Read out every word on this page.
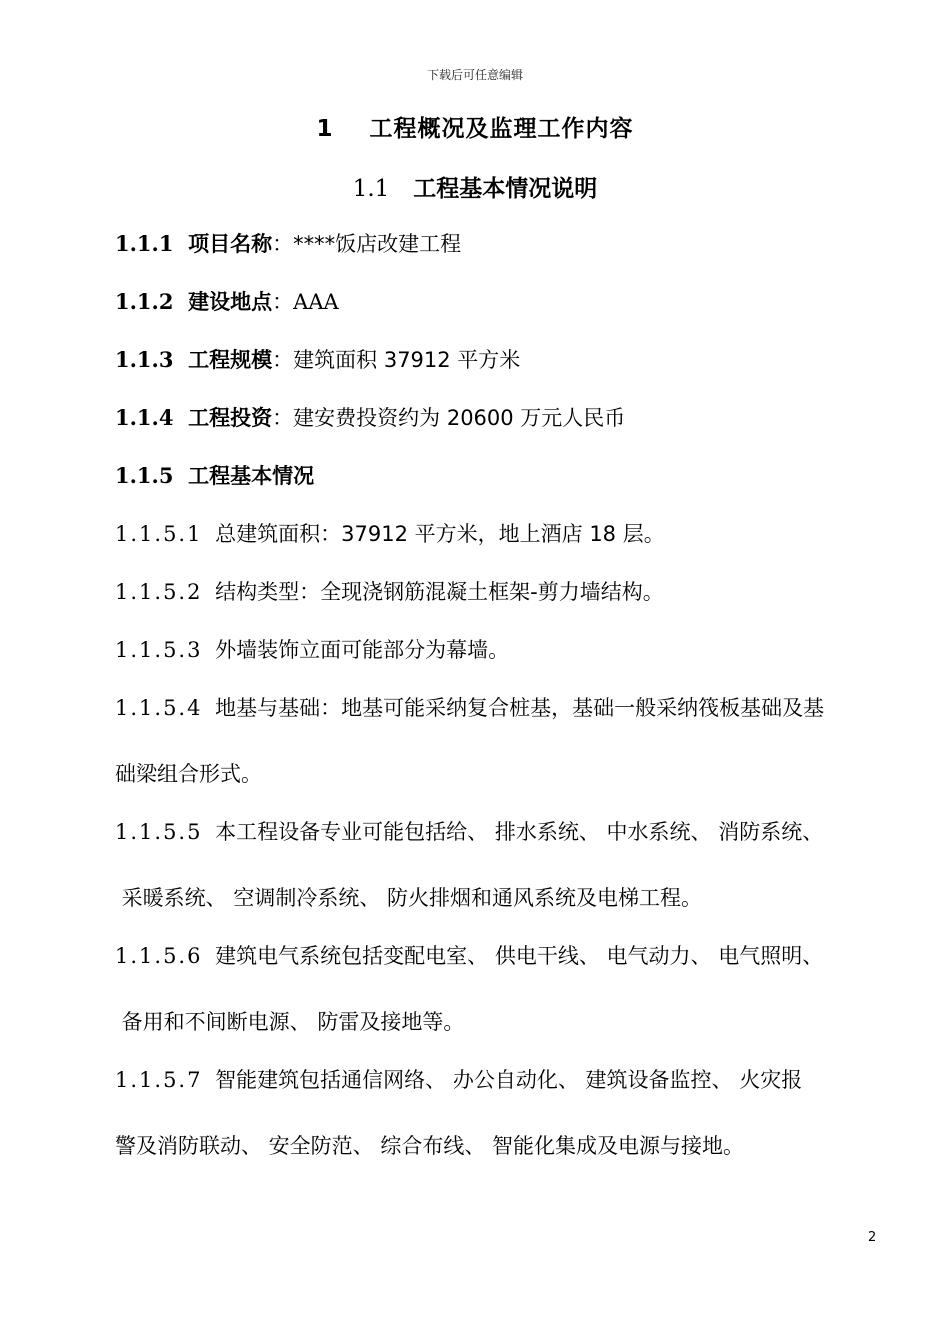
下载后可任意编辑
1 工程概况及监理工作内容
1.1 工程基本情况说明
1.1.1 项目名称：****饭店改建工程
1.1.2 建设地点：AAA
1.1.3 工程规模：建筑面积 37912 平方米
1.1.4 工程投资：建安费投资约为 20600 万元人民币
1.1.5 工程基本情况
1.1.5.1 总建筑面积：37912 平方米，地上酒店 18 层。
1.1.5.2 结构类型：全现浇钢筋混凝土框架-剪力墙结构。
1.1.5.3 外墙装饰立面可能部分为幕墙。
1.1.5.4 地基与基础：地基可能采纳复合桩基，基础一般采纳筏板基础及基
础梁组合形式。
1.1.5.5 本工程设备专业可能包括给、 排水系统、 中水系统、 消防系统、
采暖系统、 空调制冷系统、 防火排烟和通风系统及电梯工程。
1.1.5.6 建筑电气系统包括变配电室、 供电干线、 电气动力、 电气照明、
备用和不间断电源、 防雷及接地等。
1.1.5.7 智能建筑包括通信网络、 办公自动化、 建筑设备监控、 火灾报
警及消防联动、 安全防范、 综合布线、 智能化集成及电源与接地。
2
